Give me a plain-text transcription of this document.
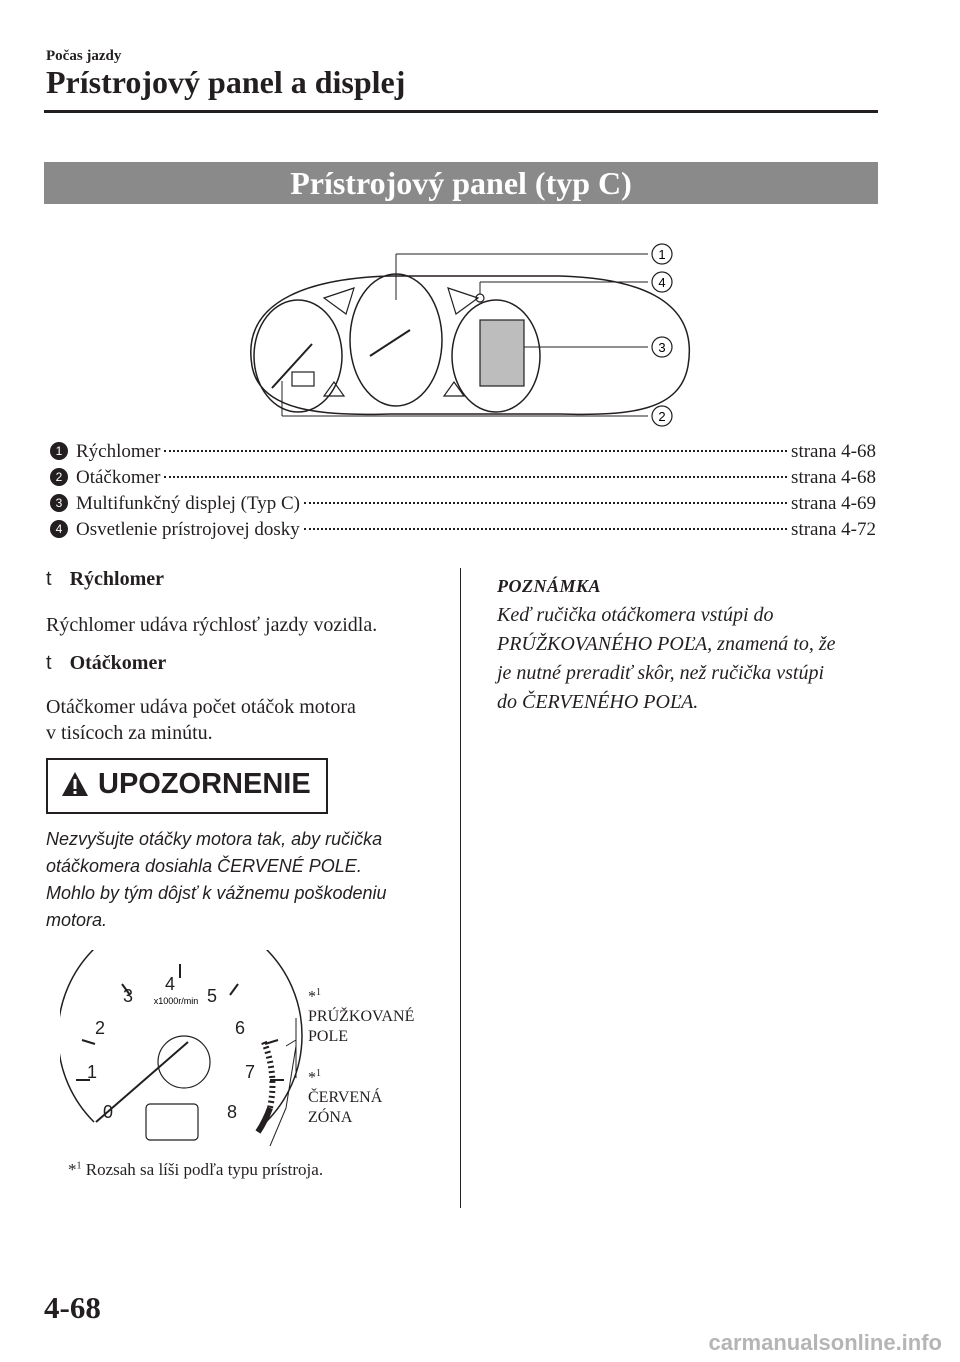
Počas jazdy
Prístrojový panel a displej
Prístrojový panel (typ C)
1
4
3
2
1 Rýchlomer	strana 4-68
2 Otáčkomer	strana 4-68
3 Multifunkčný displej (Typ C)	strana 4-69
4 Osvetlenie prístrojovej dosky	strana 4-72
t Rýchlomer
Rýchlomer udáva rýchlosť jazdy vozidla.
t Otáčkomer
Otáčkomer udáva počet otáčok motora
v tisícoch za minútu.
UPOZORNENIE
Nezvyšujte otáčky motora tak, aby ručička
otáčkomera dosiahla ČERVENÉ POLE.
Mohlo by tým dôjsť k vážnemu poškodeniu
motora.
0
1
2
3
4
5
6
7
8
x1000r/min	*$^1$
PRÚŽKOVANÉ
POLE
*$^1$
ČERVENÁ
ZÓNA
*$^1$ Rozsah sa líši podľa typu prístroja.
POZNÁMKA
Keď ručička otáčkomera vstúpi do
PRÚŽKOVANÉHO POĽA, znamená to, že
je nutné preradiť skôr, než ručička vstúpi
do ČERVENÉHO POĽA.
4-68
carmanualsonline.info
